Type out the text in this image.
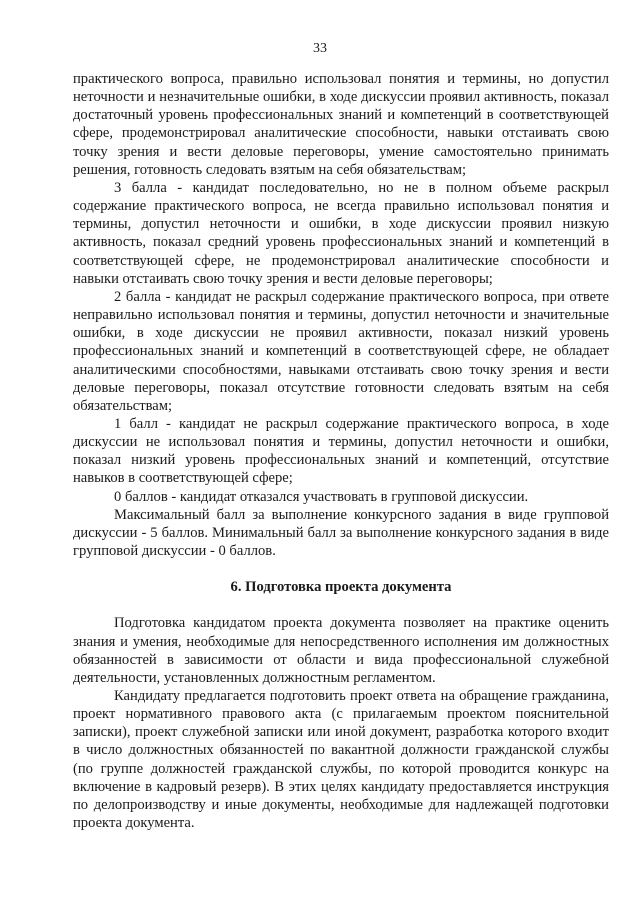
33

практического вопроса, правильно использовал понятия и термины, но допустил неточности и незначительные ошибки, в ходе дискуссии проявил активность, показал достаточный уровень профессиональных знаний и компетенций в соответствующей сфере, продемонстрировал аналитические способности, навыки отстаивать свою точку зрения и вести деловые переговоры, умение самостоятельно принимать решения, готовность следовать взятым на себя обязательствам;

3 балла - кандидат последовательно, но не в полном объеме раскрыл содержание практического вопроса, не всегда правильно использовал понятия и термины, допустил неточности и ошибки, в ходе дискуссии проявил низкую активность, показал средний уровень профессиональных знаний и компетенций в соответствующей сфере, не продемонстрировал аналитические способности и навыки отстаивать свою точку зрения и вести деловые переговоры;

2 балла - кандидат не раскрыл содержание практического вопроса, при ответе неправильно использовал понятия и термины, допустил неточности и значительные ошибки, в ходе дискуссии не проявил активности, показал низкий уровень профессиональных знаний и компетенций в соответствующей сфере, не обладает аналитическими способностями, навыками отстаивать свою точку зрения и вести деловые переговоры, показал отсутствие готовности следовать взятым на себя обязательствам;

1 балл - кандидат не раскрыл содержание практического вопроса, в ходе дискуссии не использовал понятия и термины, допустил неточности и ошибки, показал низкий уровень профессиональных знаний и компетенций, отсутствие навыков в соответствующей сфере;

0 баллов - кандидат отказался участвовать в групповой дискуссии.

Максимальный балл за выполнение конкурсного задания в виде групповой дискуссии - 5 баллов. Минимальный балл за выполнение конкурсного задания в виде групповой дискуссии - 0 баллов.

6. Подготовка проекта документа

Подготовка кандидатом проекта документа позволяет на практике оценить знания и умения, необходимые для непосредственного исполнения им должностных обязанностей в зависимости от области и вида профессиональной служебной деятельности, установленных должностным регламентом.

Кандидату предлагается подготовить проект ответа на обращение гражданина, проект нормативного правового акта (с прилагаемым проектом пояснительной записки), проект служебной записки или иной документ, разработка которого входит в число должностных обязанностей по вакантной должности гражданской службы (по группе должностей гражданской службы, по которой проводится конкурс на включение в кадровый резерв). В этих целях кандидату предоставляется инструкция по делопроизводству и иные документы, необходимые для надлежащей подготовки проекта документа.
